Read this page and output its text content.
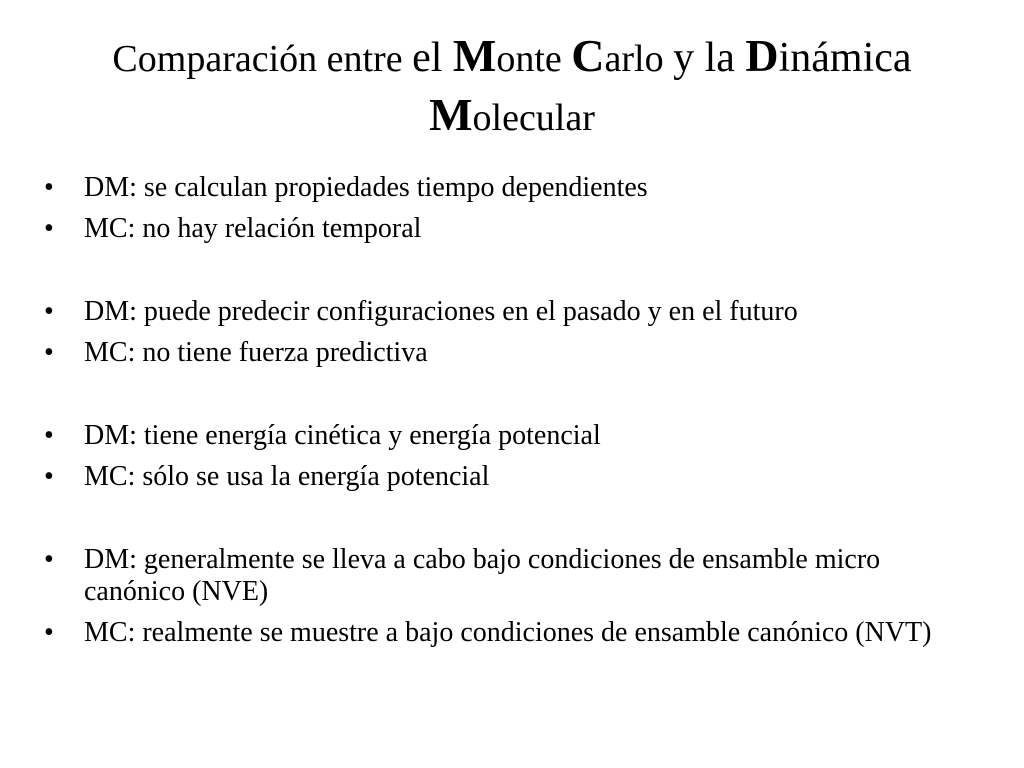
Comparación entre el Monte Carlo y la Dinámica
Molecular
• DM: se calculan propiedades tiempo dependientes
• MC: no hay relación temporal
• DM: puede predecir configuraciones en el pasado y en el futuro
• MC: no tiene fuerza predictiva
• DM: tiene energía cinética y energía potencial
• MC: sólo se usa la energía potencial
• DM: generalmente se lleva a cabo bajo condiciones de ensamble micro canónico (NVE)
• MC: realmente se muestre a bajo condiciones de ensamble canónico (NVT)
